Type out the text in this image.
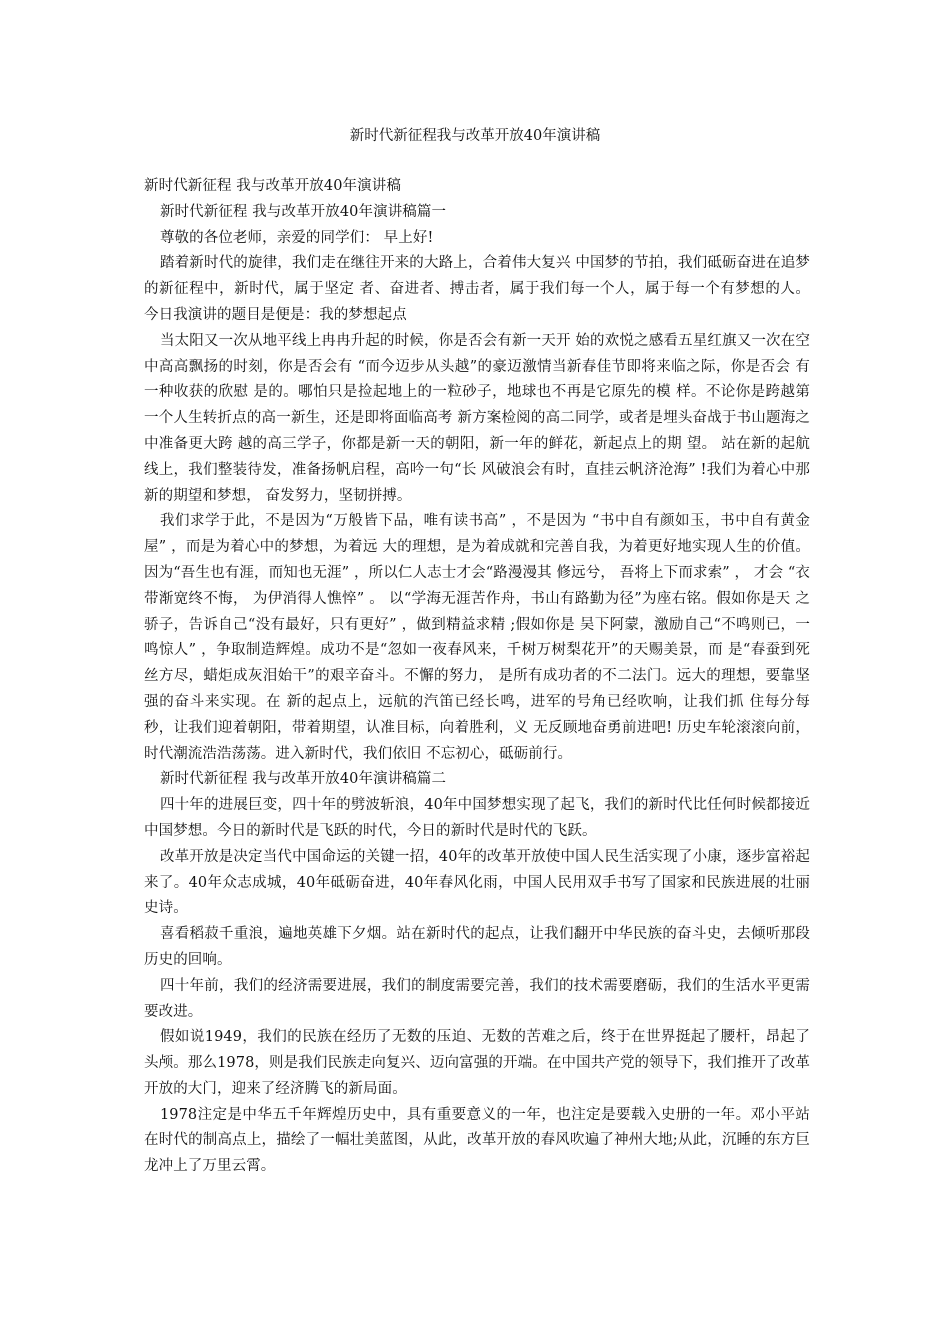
新时代新征程我与改革开放40年演讲稿

新时代新征程 我与改革开放40年演讲稿

新时代新征程 我与改革开放40年演讲稿篇一

尊敬的各位老师，亲爱的同学们： 早上好!

踏着新时代的旋律，我们走在继往开来的大路上，合着伟大复兴 中国梦的节拍，我们砥砺奋进在追梦的新征程中，新时代，属于坚定 者、奋进者、搏击者，属于我们每一个人，属于每一个有梦想的人。 今日我演讲的题目是便是：我的梦想起点

当太阳又一次从地平线上冉冉升起的时候，你是否会有新一天开 始的欢悦之感看五星红旗又一次在空中高高飘扬的时刻，你是否会有 “而今迈步从头越”的豪迈激情当新春佳节即将来临之际，你是否会 有一种收获的欣慰 是的。哪怕只是捡起地上的一粒砂子，地球也不再是它原先的模 样。不论你是跨越第一个人生转折点的高一新生，还是即将面临高考 新方案检阅的高二同学，或者是埋头奋战于书山题海之中准备更大跨 越的高三学子，你都是新一天的朝阳，新一年的鲜花，新起点上的期 望。 站在新的起航线上，我们整装待发，准备扬帆启程，高吟一句“长 风破浪会有时，直挂云帆济沧海” !我们为着心中那新的期望和梦想， 奋发努力，坚韧拼搏。

我们求学于此，不是因为“万般皆下品，唯有读书高” ，不是因为 “书中自有颜如玉，书中自有黄金屋” ，而是为着心中的梦想，为着远 大的理想，是为着成就和完善自我，为着更好地实现人生的价值。 因为“吾生也有涯，而知也无涯” ，所以仁人志士才会“路漫漫其 修远兮， 吾将上下而求索” ， 才会 “衣带渐宽终不悔， 为伊消得人憔悴” 。 以“学海无涯苦作舟，书山有路勤为径”为座右铭。假如你是天 之骄子，告诉自己“没有最好，只有更好” ，做到精益求精 ;假如你是 吴下阿蒙，激励自己“不鸣则已，一鸣惊人” ，争取制造辉煌。成功不是“忽如一夜春风来，千树万树梨花开”的天赐美景，而 是“春蚕到死丝方尽，蜡炬成灰泪始干”的艰辛奋斗。不懈的努力， 是所有成功者的不二法门。远大的理想，要靠坚强的奋斗来实现。在 新的起点上，远航的汽笛已经长鸣，进军的号角已经吹响，让我们抓 住每分每秒，让我们迎着朝阳，带着期望，认准目标，向着胜利，义 无反顾地奋勇前进吧! 历史车轮滚滚向前，时代潮流浩浩荡荡。进入新时代，我们依旧 不忘初心，砥砺前行。

新时代新征程 我与改革开放40年演讲稿篇二

四十年的进展巨变，四十年的劈波斩浪，40年中国梦想实现了起飞，我们的新时代比任何时候都接近中国梦想。今日的新时代是飞跃的时代，今日的新时代是时代的飞跃。

改革开放是决定当代中国命运的关键一招，40年的改革开放使中国人民生活实现了小康，逐步富裕起来了。40年众志成城，40年砥砺奋进，40年春风化雨，中国人民用双手书写了国家和民族进展的壮丽史诗。

喜看稻菽千重浪，遍地英雄下夕烟。站在新时代的起点，让我们翻开中华民族的奋斗史，去倾听那段历史的回响。

四十年前，我们的经济需要进展，我们的制度需要完善，我们的技术需要磨砺，我们的生活水平更需要改进。

假如说1949，我们的民族在经历了无数的压迫、无数的苦难之后，终于在世界挺起了腰杆，昂起了头颅。那么1978，则是我们民族走向复兴、迈向富强的开端。在中国共产党的领导下，我们推开了改革开放的大门，迎来了经济腾飞的新局面。

1978注定是中华五千年辉煌历史中，具有重要意义的一年，也注定是要载入史册的一年。邓小平站在时代的制高点上，描绘了一幅壮美蓝图，从此，改革开放的春风吹遍了神州大地;从此，沉睡的东方巨龙冲上了万里云霄。
